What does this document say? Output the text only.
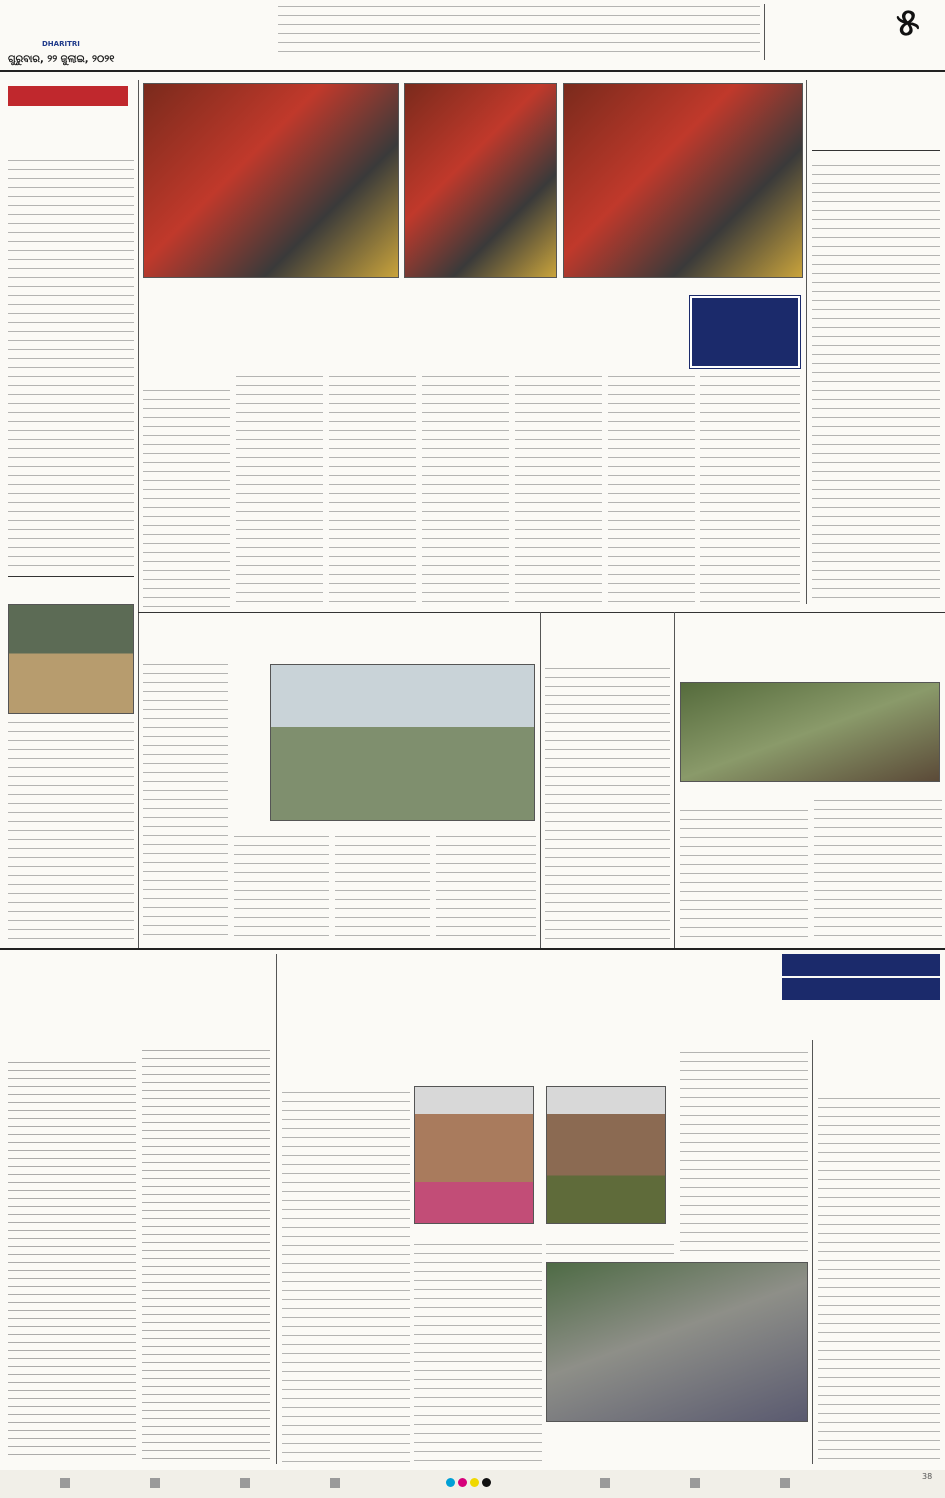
DHARITRI	୫
ଗୁରୁବାର, ୨୨ ଜୁଲାଇ, ୨୦୨୧
38
